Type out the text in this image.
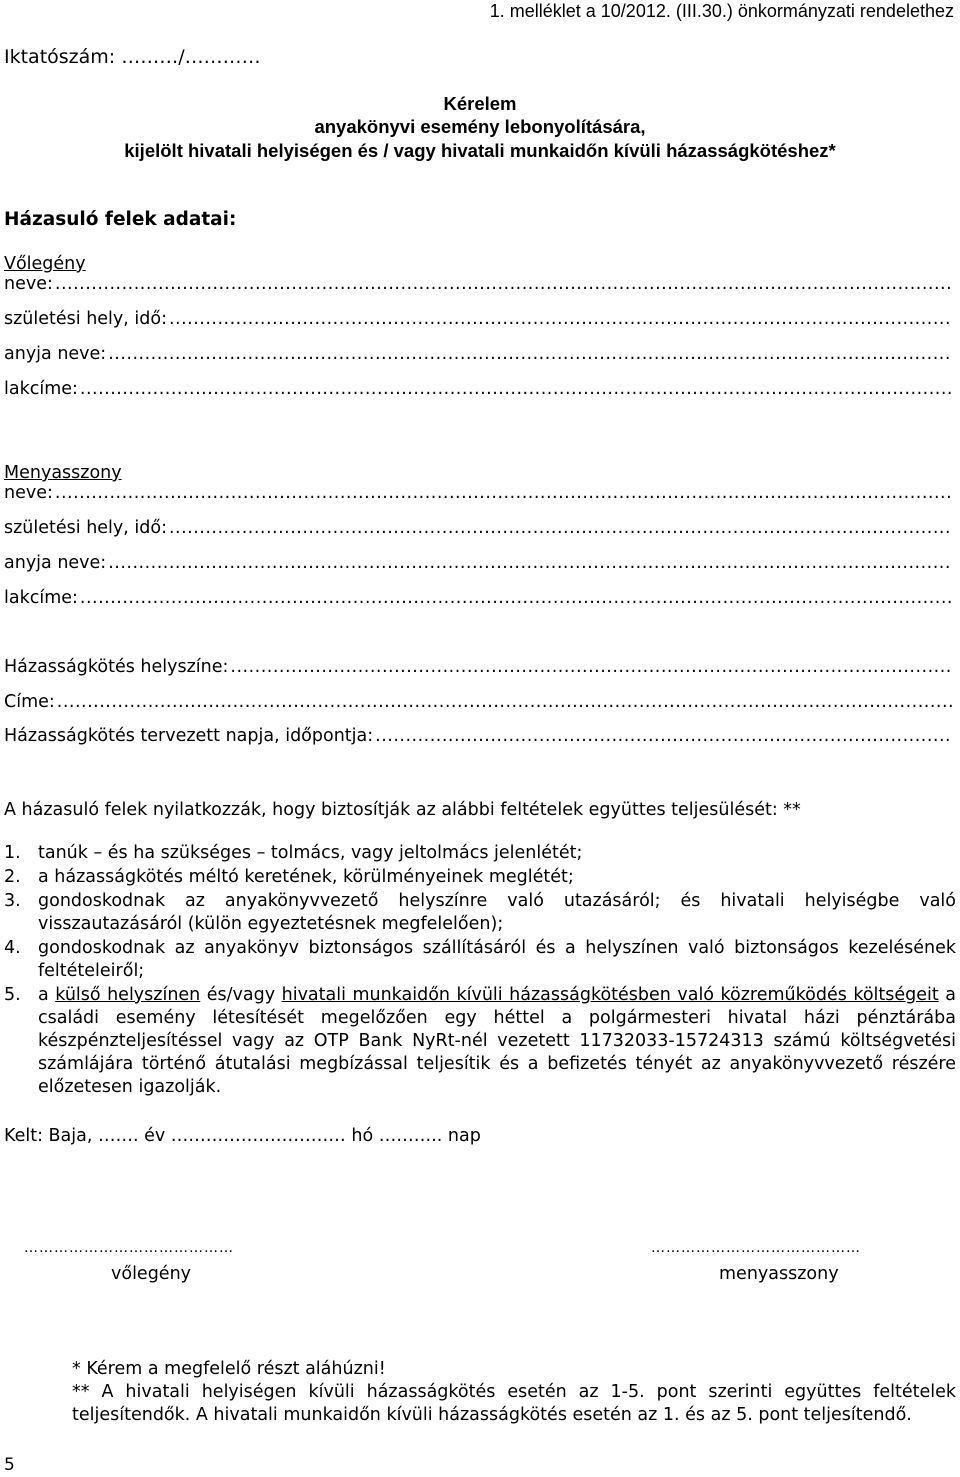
1. melléklet a 10/2012. (III.30.) önkormányzati rendelethez
Iktatószám: ………/…………
Kérelem
anyakönyvi esemény lebonyolítására,
kijelölt hivatali helyiségen és / vagy hivatali munkaidőn kívüli házasságkötéshez*
Házasuló felek adatai:
Vőlegény
neve:
.....
születési hely, idő:
.....
anyja neve:
.....
lakcíme:
.....
Menyasszony
neve:
.....
születési hely, idő:
.....
anyja neve:
.....
lakcíme:
.....
Házasságkötés helyszíne:
.....
Címe:
.....
Házasságkötés tervezett napja, időpontja:
.....
A házasuló felek nyilatkozzák, hogy biztosítják az alábbi feltételek együttes teljesülését: **
1. tanúk – és ha szükséges – tolmács, vagy jeltolmács jelenlétét;
2. a házasságkötés méltó keretének, körülményeinek meglétét;
3. gondoskodnak az anyakönyvvezető helyszínre való utazásáról; és hivatali helyiségbe való visszautazásáról (külön egyeztetésnek megfelelően);
4. gondoskodnak az anyakönyv biztonságos szállításáról és a helyszínen való biztonságos kezelésének feltételeiről;
5. a külső helyszínen és/vagy hivatali munkaidőn kívüli házasságkötésben való közreműködés költségeit a családi esemény létesítését megelőzően egy héttel a polgármesteri hivatal házi pénztárába készpénzteljesítéssel vagy az OTP Bank NyRt-nél vezetett 11732033-15724313 számú költségvetési számlájára történő átutalási megbízással teljesítik és a befizetés tényét az anyakönyvvezető részére előzetesen igazolják.
Kelt: Baja, ……. év ………………………… hó ……….. nap
……………………………………	……………………………………
vőlegény	menyasszony
* Kérem a megfelelő részt aláhúzni!
** A hivatali helyiségen kívüli házasságkötés esetén az 1-5. pont szerinti együttes feltételek teljesítendők. A hivatali munkaidőn kívüli házasságkötés esetén az 1. és az 5. pont teljesítendő.
5
